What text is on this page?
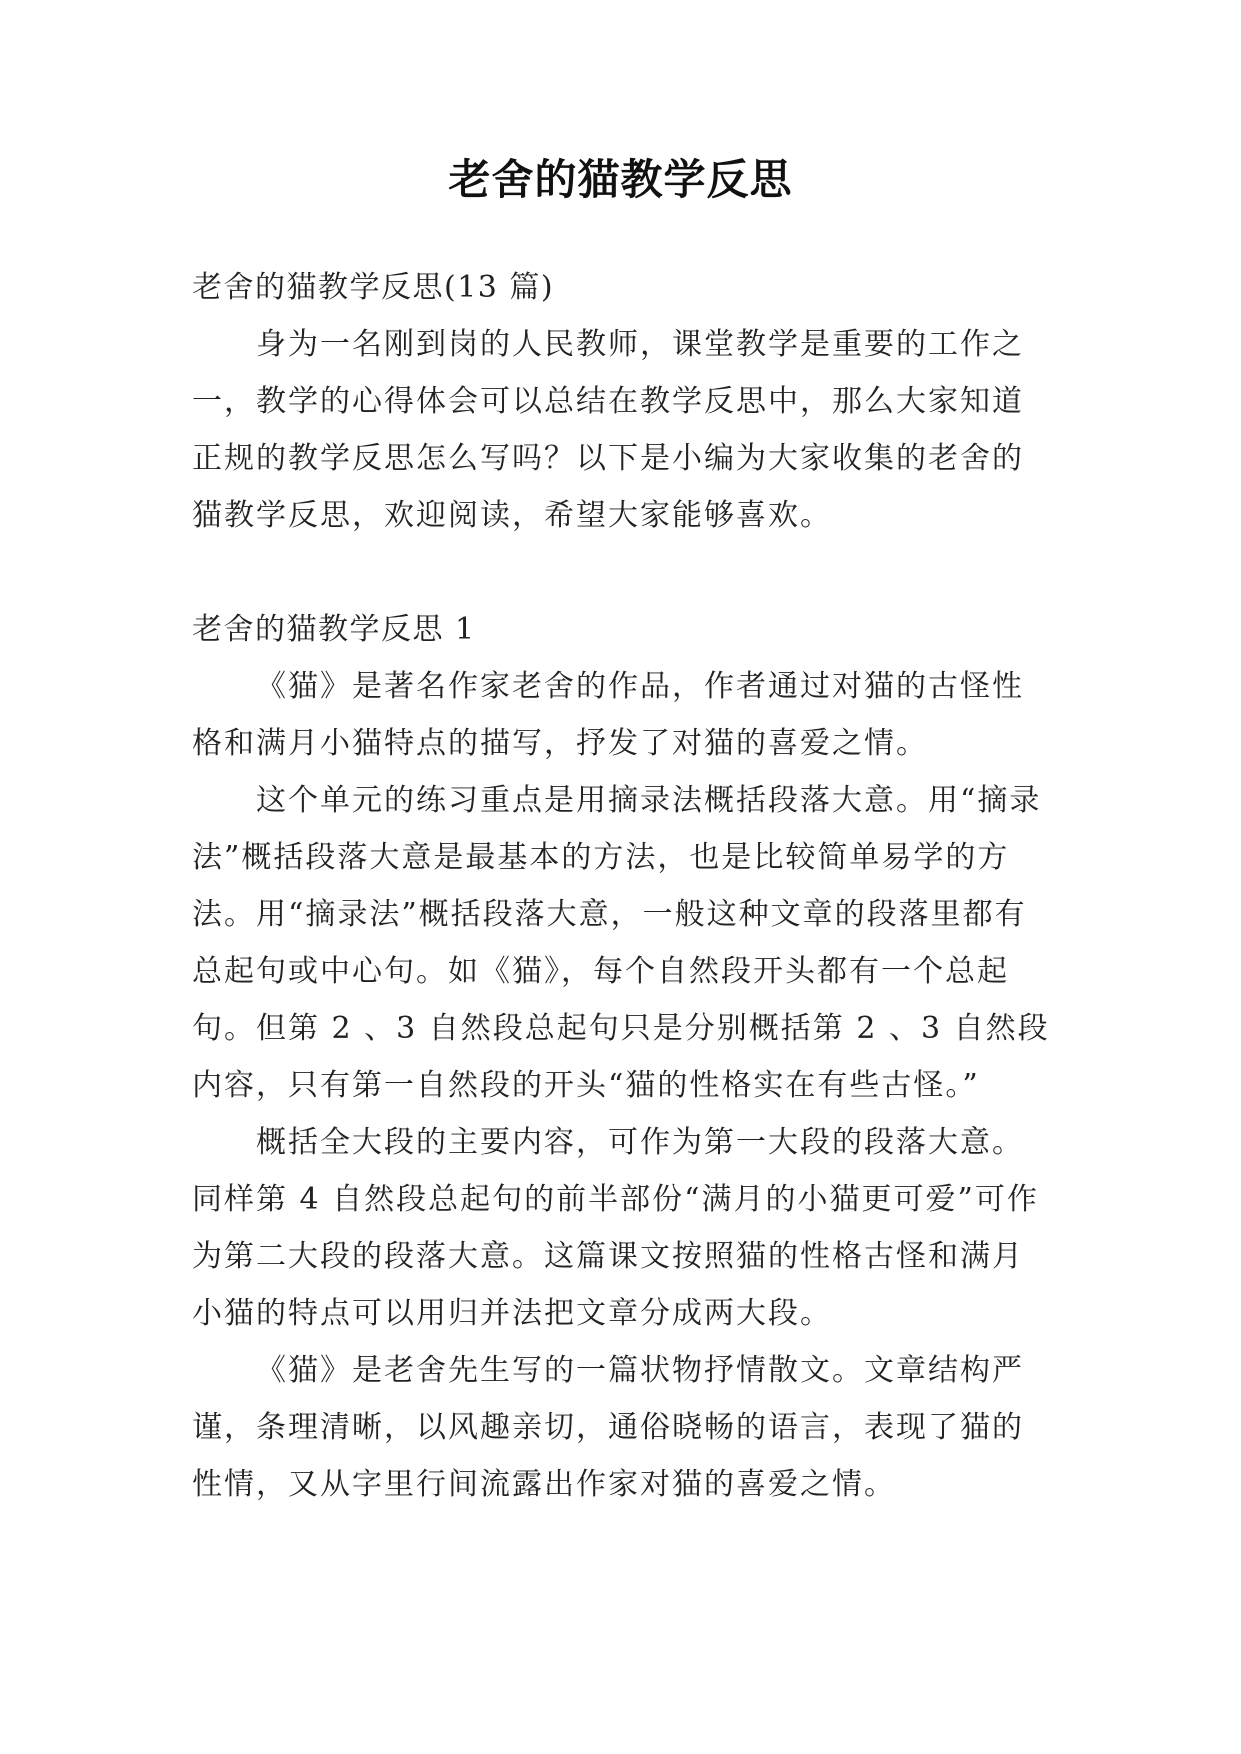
老舍的猫教学反思

老舍的猫教学反思(13 篇)

身为一名刚到岗的人民教师，课堂教学是重要的工作之一，教学的心得体会可以总结在教学反思中，那么大家知道正规的教学反思怎么写吗？以下是小编为大家收集的老舍的猫教学反思，欢迎阅读，希望大家能够喜欢。

老舍的猫教学反思 1

《猫》是著名作家老舍的作品，作者通过对猫的古怪性格和满月小猫特点的描写，抒发了对猫的喜爱之情。

这个单元的练习重点是用摘录法概括段落大意。用“摘录法”概括段落大意是最基本的方法，也是比较简单易学的方法。用“摘录法”概括段落大意，一般这种文章的段落里都有总起句或中心句。如《猫》，每个自然段开头都有一个总起句。但第 2 、3 自然段总起句只是分别概括第 2 、3 自然段内容，只有第一自然段的开头“猫的性格实在有些古怪。”

概括全大段的主要内容，可作为第一大段的段落大意。同样第 4 自然段总起句的前半部份“满月的小猫更可爱”可作为第二大段的段落大意。这篇课文按照猫的性格古怪和满月小猫的特点可以用归并法把文章分成两大段。

《猫》是老舍先生写的一篇状物抒情散文。文章结构严谨，条理清晰，以风趣亲切，通俗晓畅的语言，表现了猫的性情，又从字里行间流露出作家对猫的喜爱之情。
